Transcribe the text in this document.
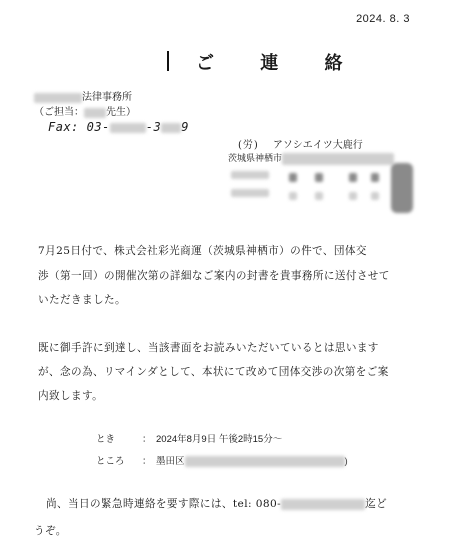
2024. 8. 3
ご 連 絡
法律事務所
（ご担当： 先生）
Fax: 03-	-3 9
(労) アソシエイツ大鹿行
茨城県神栖市
7月25日付で、株式会社彩光商運（茨城県神栖市）の件で、団体交
渉（第一回）の開催次第の詳細なご案内の封書を貴事務所に送付させて
いただきました。
既に御手許に到達し、当該書面をお読みいただいているとは思います
が、念の為、リマインダとして、本状にて改めて団体交渉の次第をご案
内致します。
とき	： 2024年8月9日 午後2時15分～
ところ ： 墨田区	)
尚、当日の緊急時連絡を要す際には、tel: 080-	迄ど
うぞ。
